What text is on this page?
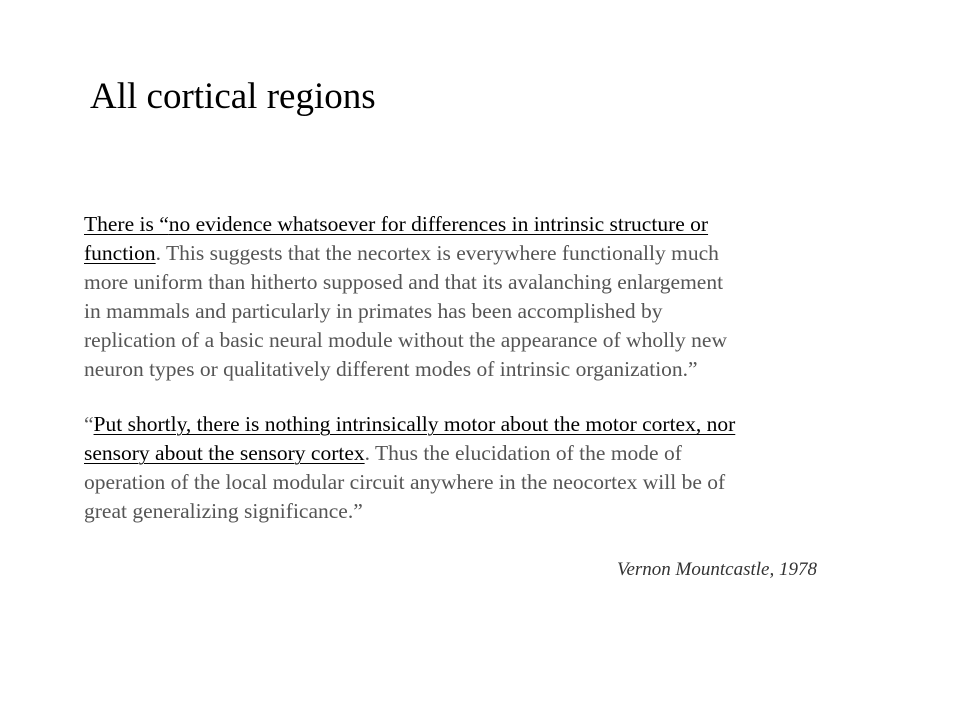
All cortical regions
There is “no evidence whatsoever for differences in intrinsic structure or
function. This suggests that the necortex is everywhere functionally much
more uniform than hitherto supposed and that its avalanching enlargement
in mammals and particularly in primates has been accomplished by
replication of a basic neural module without the appearance of wholly new
neuron types or qualitatively different modes of intrinsic organization.”
“Put shortly, there is nothing intrinsically motor about the motor cortex, nor
sensory about the sensory cortex. Thus the elucidation of the mode of
operation of the local modular circuit anywhere in the neocortex will be of
great generalizing significance.”
Vernon Mountcastle, 1978
